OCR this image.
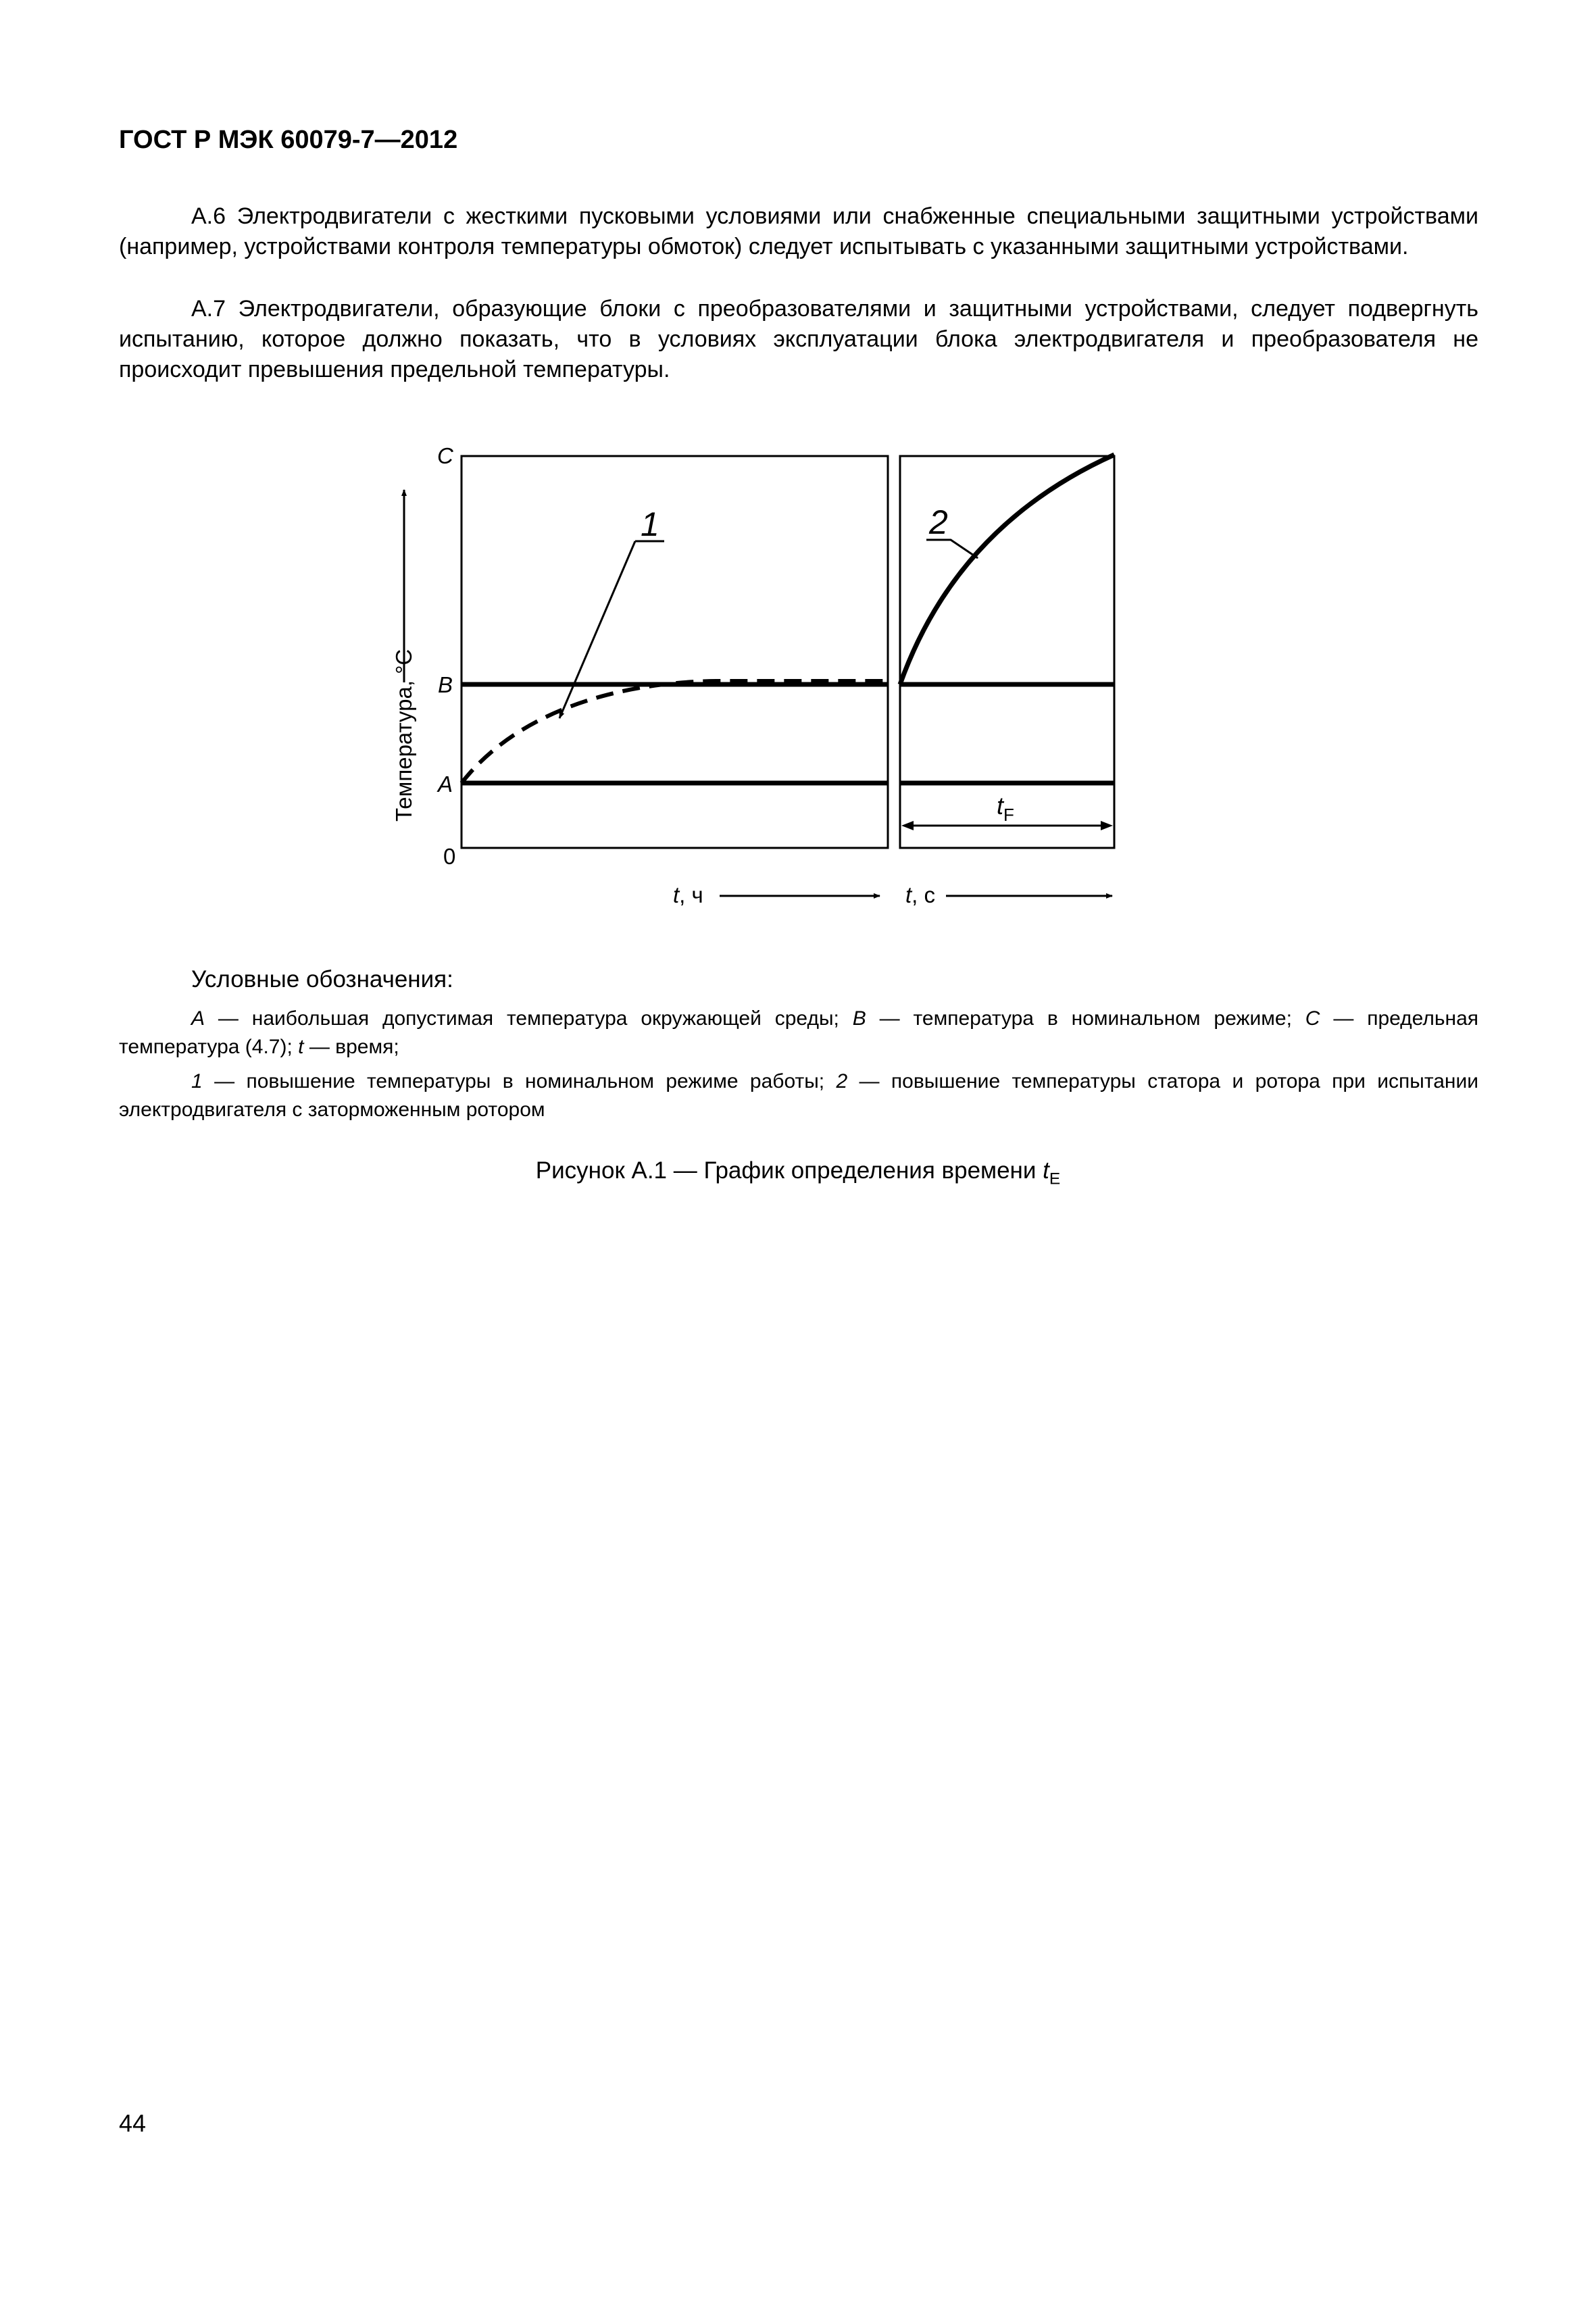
ГОСТ Р МЭК 60079-7—2012

А.6 Электродвигатели с жесткими пусковыми условиями или снабженные специальными защитными устройствами (например, устройствами контроля температуры обмоток) следует испытывать с указанными защитными устройствами.

А.7 Электродвигатели, образующие блоки с преобразователями и защитными устройствами, следует подвергнуть испытанию, которое должно показать, что в условиях эксплуатации блока электродвигателя и преобразователя не происходит превышения предельной температуры.

Температура, °C
C
B
A
0
1	2
$t_F$
t, ч	t, с

Условные обозначения:

A — наибольшая допустимая температура окружающей среды; B — температура в номинальном режиме; C — предельная температура (4.7); t — время;

1 — повышение температуры в номинальном режиме работы; 2 — повышение температуры статора и ротора при испытании электродвигателя с заторможенным ротором

Рисунок А.1 — График определения времени $t_E$

44
